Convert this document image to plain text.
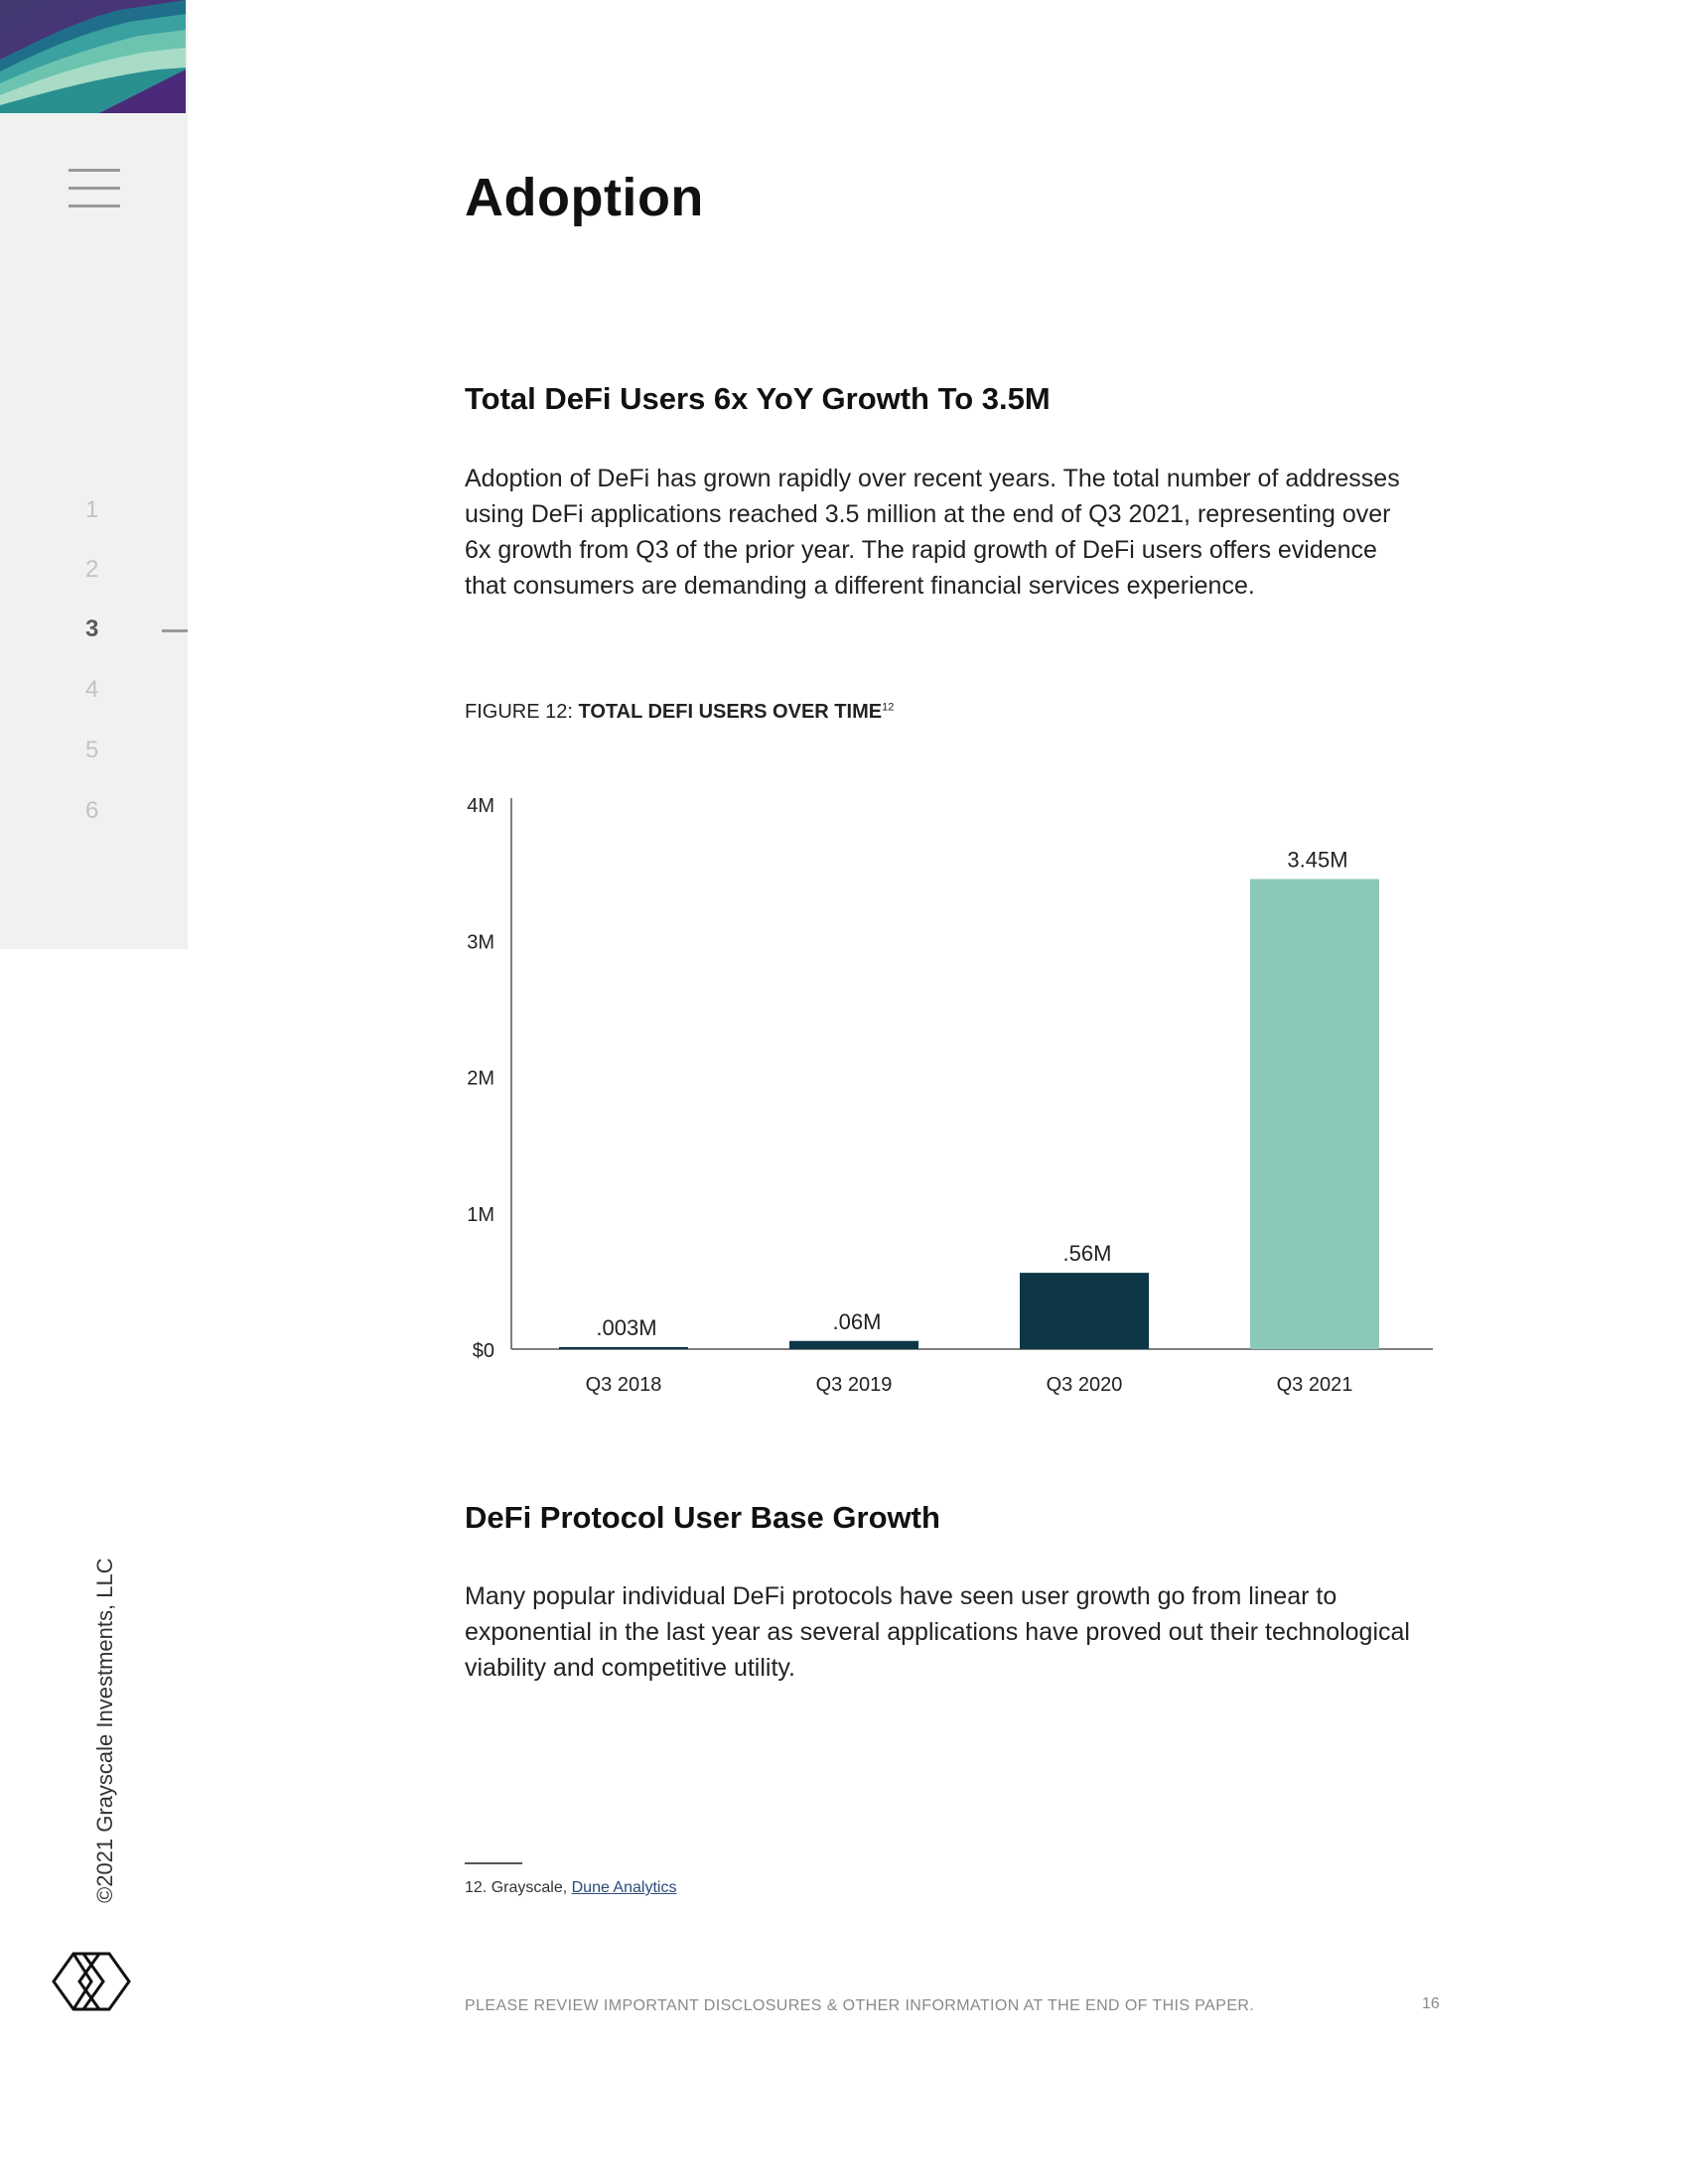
1
2
3
4
5
6
©2021 Grayscale Investments, LLC
Adoption
Total DeFi Users 6x YoY Growth To 3.5M

Adoption of DeFi has grown rapidly over recent years. The total number of addresses using DeFi applications reached 3.5 million at the end of Q3 2021, representing over 6x growth from Q3 of the prior year. The rapid growth of DeFi users offers evidence that consumers are demanding a different financial services experience.

FIGURE 12: TOTAL DEFI USERS OVER TIME$^{12}$
$0
1M
2M
3M
4M
.003M
Q3 2018
.06M
Q3 2019
.56M
Q3 2020
3.45M
Q3 2021
DeFi Protocol User Base Growth

Many popular individual DeFi protocols have seen user growth go from linear to exponential in the last year as several applications have proved out their technological viability and competitive utility.

12. Grayscale, Dune Analytics
PLEASE REVIEW IMPORTANT DISCLOSURES & OTHER INFORMATION AT THE END OF THIS PAPER.	16
